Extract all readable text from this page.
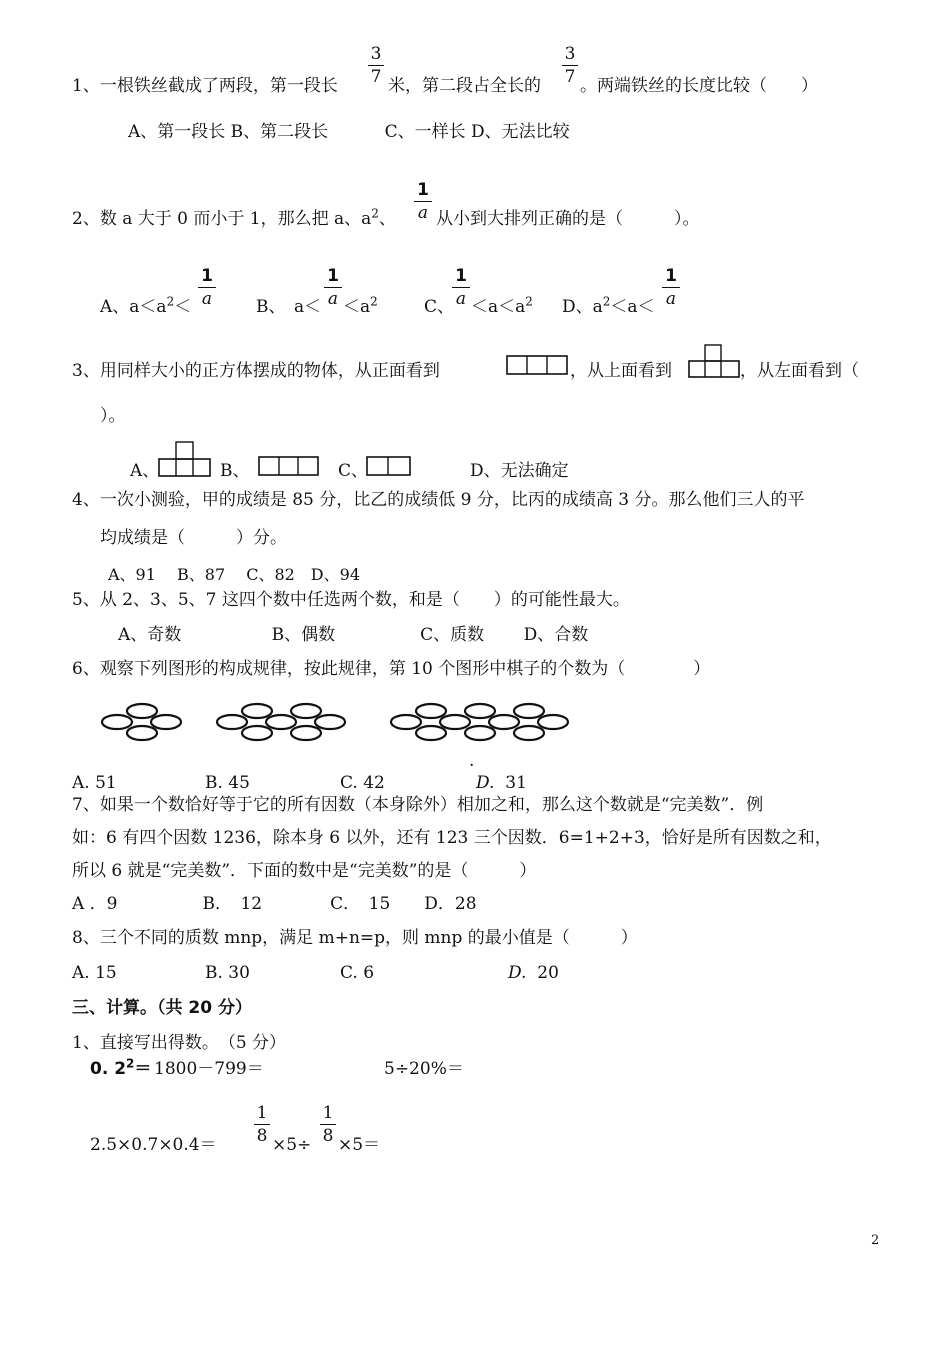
1、一根铁丝截成了两段，第一段长
3
7 米，第二段占全长的
3
7 。两端铁丝的长度比较（　　）
A、第一段长 B、第二段长　　　 C、一样长 D、无法比较
2、数 a 大于 0 而小于 1，那么把 a、$a^2$、
1
a 从小到大排列正确的是（　　　）。
A、$a<a^2<$
1
a	B、　a＜
1
$a <a^2$	C、
1
$a <a<a^2$ D、$a^2<a<$
1
a
3、用同样大小的正方体摆成的物体，从正面看到	，从上面看到	，从左面看到（
）。
A、	B、	C、	D、无法确定
4、一次小测验，甲的成绩是 85 分，比乙的成绩低 9 分，比丙的成绩高 3 分。那么他们三人的平
均成绩是（　　　）分。
A、91　 B、87　 C、82　D、94
5、从 2、3、5、7 这四个数中任选两个数，和是（　　）的可能性最大。
A、奇数　　　　　 B、偶数　　　　　C、质数　　 D、合数
6、观察下列图形的构成规律，按此规律，第 10 个图形中棋子的个数为（　　　　）
.
A. 51	B. 45	C. 42	D. 31
7、如果一个数恰好等于它的所有因数（本身除外）相加之和，那么这个数就是“完美数”．例
如：6 有四个因数 1236，除本身 6 以外，还有 123 三个因数．6=1+2+3，恰好是所有因数之和，
所以 6 就是“完美数”．下面的数中是“完美数”的是（　　　）
A ．9　　　　　B．　12　　　　C．　15　　D．28
8、三个不同的质数 mnp，满足 m+n=p，则 mnp 的最小值是（　　　）
A. 15	B. 30	C. 6	D. 20
三、计算。（共 20 分）
1、直接写出得数。　（5 分）
0. $2^2= 1800-799=$	5÷20%＝
2.5×0.7×0.4＝
1
8 ×5÷
1
8 ×5＝
2
